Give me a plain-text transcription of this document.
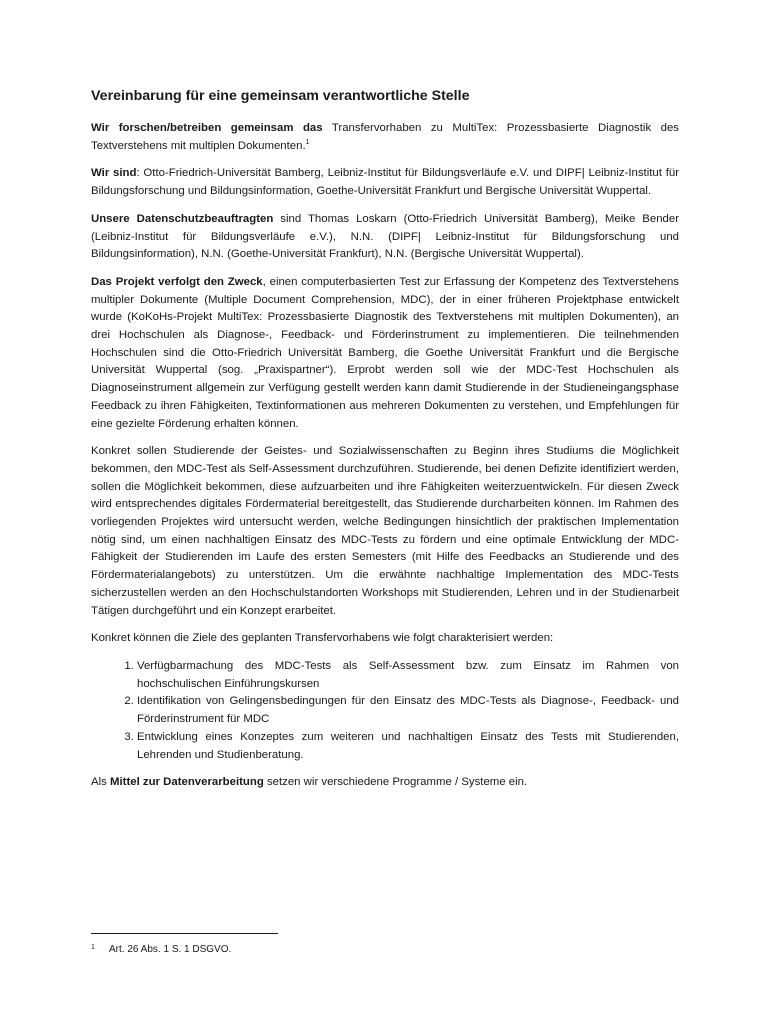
Vereinbarung für eine gemeinsam verantwortliche Stelle

Wir forschen/betreiben gemeinsam das Transfervorhaben zu MultiTex: Prozessbasierte Diagnostik des Textverstehens mit multiplen Dokumenten.$^1$

Wir sind: Otto-Friedrich-Universität Bamberg, Leibniz-Institut für Bildungsverläufe e.V. und DIPF| Leibniz-Institut für Bildungsforschung und Bildungsinformation, Goethe-Universität Frankfurt und Bergische Universität Wuppertal.

Unsere Datenschutzbeauftragten sind Thomas Loskarn (Otto-Friedrich Universität Bamberg), Meike Bender (Leibniz-Institut für Bildungsverläufe e.V.), N.N. (DIPF| Leibniz-Institut für Bildungsforschung und Bildungsinformation), N.N. (Goethe-Universität Frankfurt), N.N. (Bergische Universität Wuppertal).

Das Projekt verfolgt den Zweck, einen computerbasierten Test zur Erfassung der Kompetenz des Textverstehens multipler Dokumente (Multiple Document Comprehension, MDC), der in einer früheren Projektphase entwickelt wurde (KoKoHs-Projekt MultiTex: Prozessbasierte Diagnostik des Textverstehens mit multiplen Dokumenten), an drei Hochschulen als Diagnose-, Feedback- und Förderinstrument zu implementieren. Die teilnehmenden Hochschulen sind die Otto-Friedrich Universität Bamberg, die Goethe Universität Frankfurt und die Bergische Universität Wuppertal (sog. „Praxispartner“). Erprobt werden soll wie der MDC-Test Hochschulen als Diagnoseinstrument allgemein zur Verfügung gestellt werden kann damit Studierende in der Studieneingangsphase Feedback zu ihren Fähigkeiten, Textinformationen aus mehreren Dokumenten zu verstehen, und Empfehlungen für eine gezielte Förderung erhalten können.

Konkret sollen Studierende der Geistes- und Sozialwissenschaften zu Beginn ihres Studiums die Möglichkeit bekommen, den MDC-Test als Self-Assessment durchzuführen. Studierende, bei denen Defizite identifiziert werden, sollen die Möglichkeit bekommen, diese aufzuarbeiten und ihre Fähigkeiten weiterzuentwickeln. Für diesen Zweck wird entsprechendes digitales Fördermaterial bereitgestellt, das Studierende durcharbeiten können. Im Rahmen des vorliegenden Projektes wird untersucht werden, welche Bedingungen hinsichtlich der praktischen Implementation nötig sind, um einen nachhaltigen Einsatz des MDC-Tests zu fördern und eine optimale Entwicklung der MDC-Fähigkeit der Studierenden im Laufe des ersten Semesters (mit Hilfe des Feedbacks an Studierende und des Fördermaterialangebots) zu unterstützen. Um die erwähnte nachhaltige Implementation des MDC-Tests sicherzustellen werden an den Hochschulstandorten Workshops mit Studierenden, Lehren und in der Studienarbeit Tätigen durchgeführt und ein Konzept erarbeitet.

Konkret können die Ziele des geplanten Transfervorhabens wie folgt charakterisiert werden:

1. Verfügbarmachung des MDC-Tests als Self-Assessment bzw. zum Einsatz im Rahmen von hochschulischen Einführungskursen
2. Identifikation von Gelingensbedingungen für den Einsatz des MDC-Tests als Diagnose-, Feedback- und Förderinstrument für MDC
3. Entwicklung eines Konzeptes zum weiteren und nachhaltigen Einsatz des Tests mit Studierenden, Lehrenden und Studienberatung.

Als Mittel zur Datenverarbeitung setzen wir verschiedene Programme / Systeme ein.

1 Art. 26 Abs. 1 S. 1 DSGVO.
